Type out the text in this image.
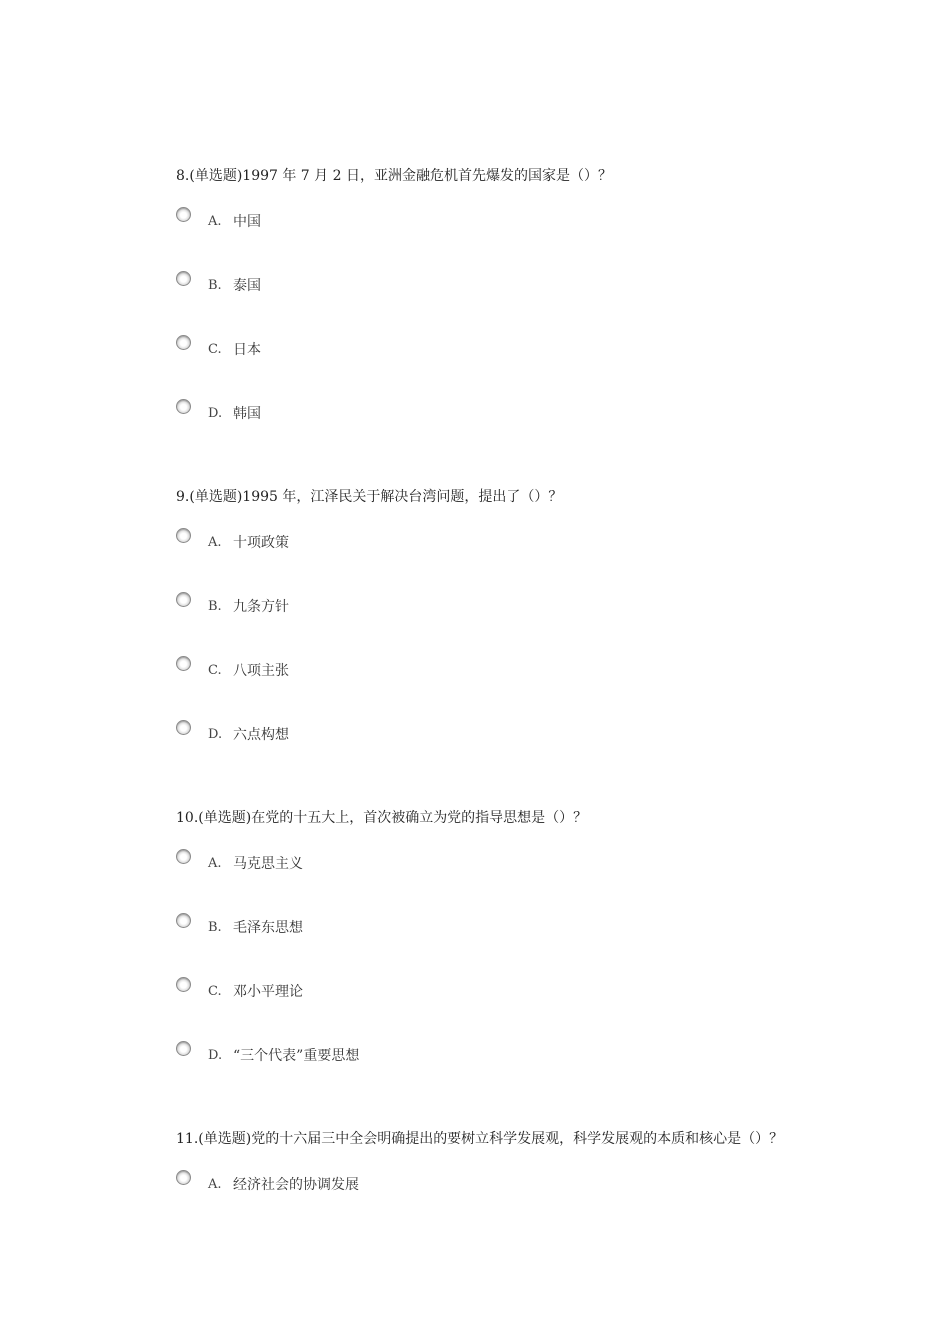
8.(单选题)1997 年 7 月 2 日，亚洲金融危机首先爆发的国家是（）？
A. 中国
B. 泰国
C. 日本
D. 韩国
9.(单选题)1995 年，江泽民关于解决台湾问题，提出了（）？
A. 十项政策
B. 九条方针
C. 八项主张
D. 六点构想
10.(单选题)在党的十五大上，首次被确立为党的指导思想是（）？
A. 马克思主义
B. 毛泽东思想
C. 邓小平理论
D. “三个代表”重要思想
11.(单选题)党的十六届三中全会明确提出的要树立科学发展观，科学发展观的本质和核心是（）？
A. 经济社会的协调发展
